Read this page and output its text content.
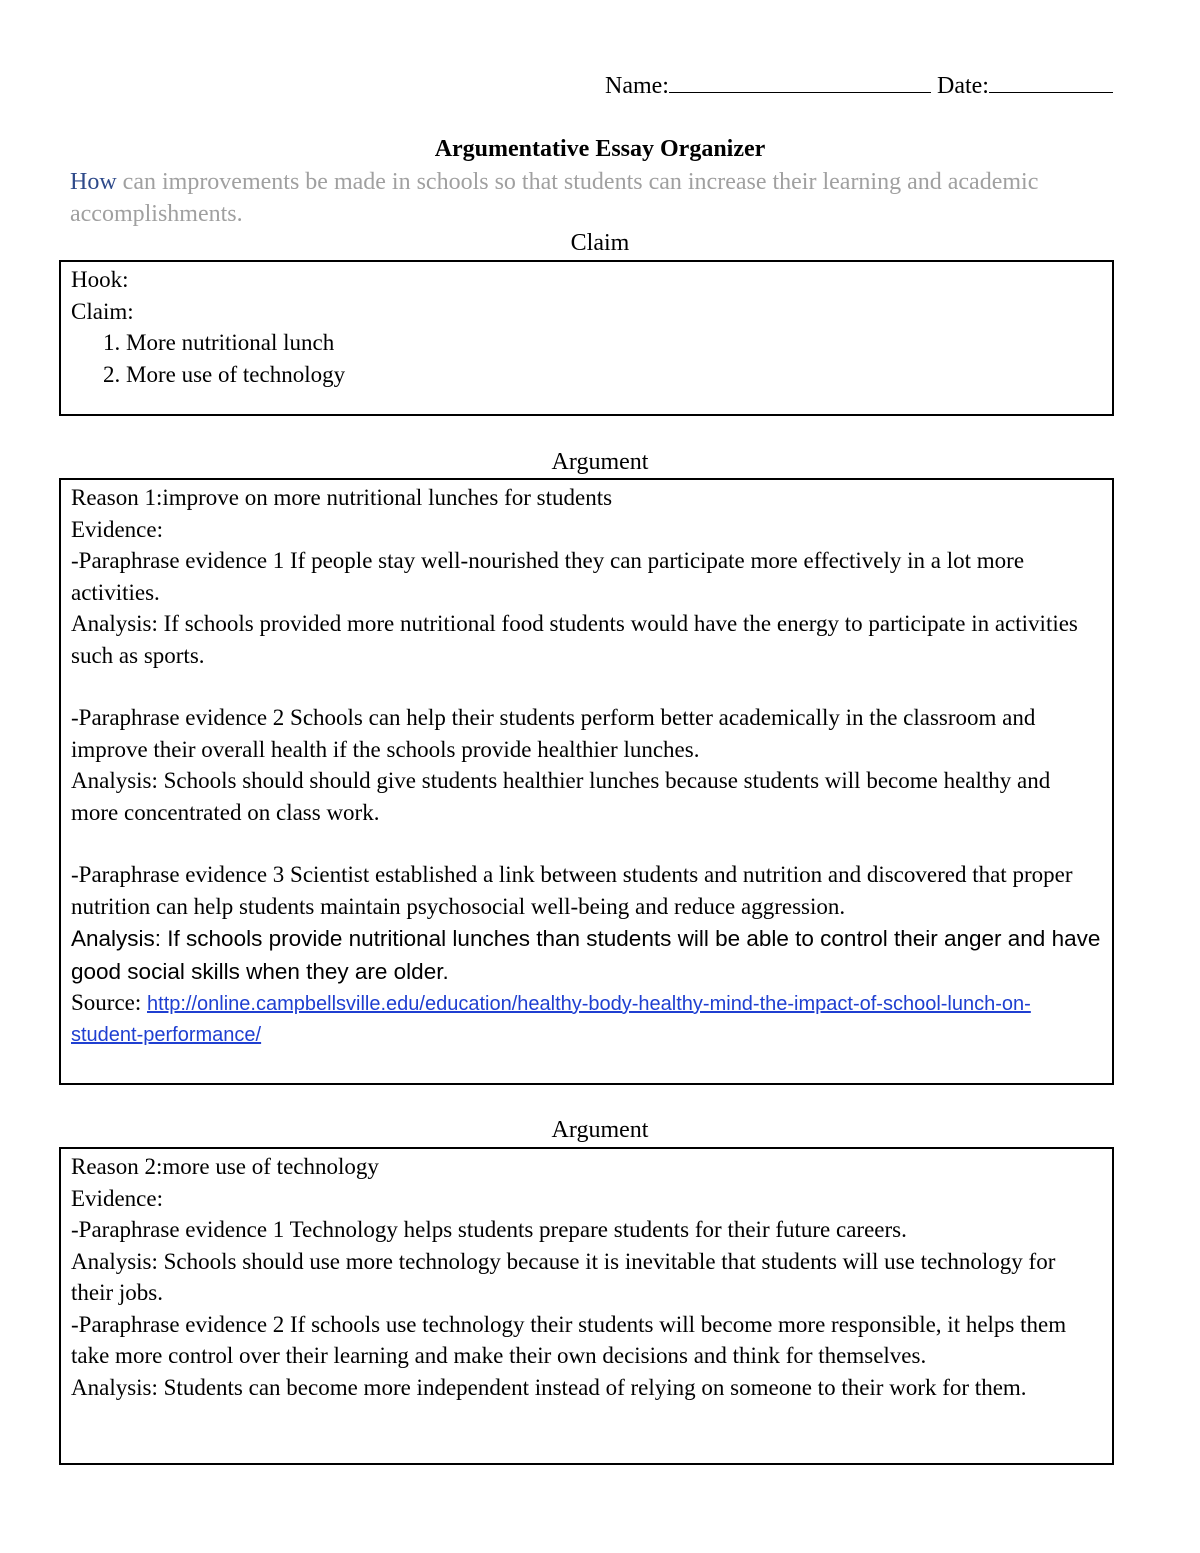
Name:	Date:
Argumentative Essay Organizer
How can improvements be made in schools so that students can increase their learning and academic accomplishments.
Claim
Hook:
Claim:
1. More nutritional lunch
2. More use of technology
Argument
Reason 1:improve on more nutritional lunches for students
Evidence:
-Paraphrase evidence 1 If people stay well-nourished they can participate more effectively in a lot more activities.
Analysis: If schools provided more nutritional food students would have the energy to participate in activities such as sports.
-Paraphrase evidence 2 Schools can help their students perform better academically in the classroom and improve their overall health if the schools provide healthier lunches.
Analysis: Schools should should give students healthier lunches because students will become healthy and more concentrated on class work.
-Paraphrase evidence 3 Scientist established a link between students and nutrition and discovered that proper nutrition can help students maintain psychosocial well-being and reduce aggression.
Analysis: If schools provide nutritional lunches than students will be able to control their anger and have good social skills when they are older.
Source: http://online.campbellsville.edu/education/healthy-body-healthy-mind-the-impact-of-school-lunch-on-student-performance/
Argument
Reason 2:more use of technology
Evidence:
-Paraphrase evidence 1 Technology helps students prepare students for their future careers.
Analysis: Schools should use more technology because it is inevitable that students will use technology for their jobs.
-Paraphrase evidence 2 If schools use technology their students will become more responsible, it helps them take more control over their learning and make their own decisions and think for themselves.
Analysis: Students can become more independent instead of relying on someone to their work for them.
